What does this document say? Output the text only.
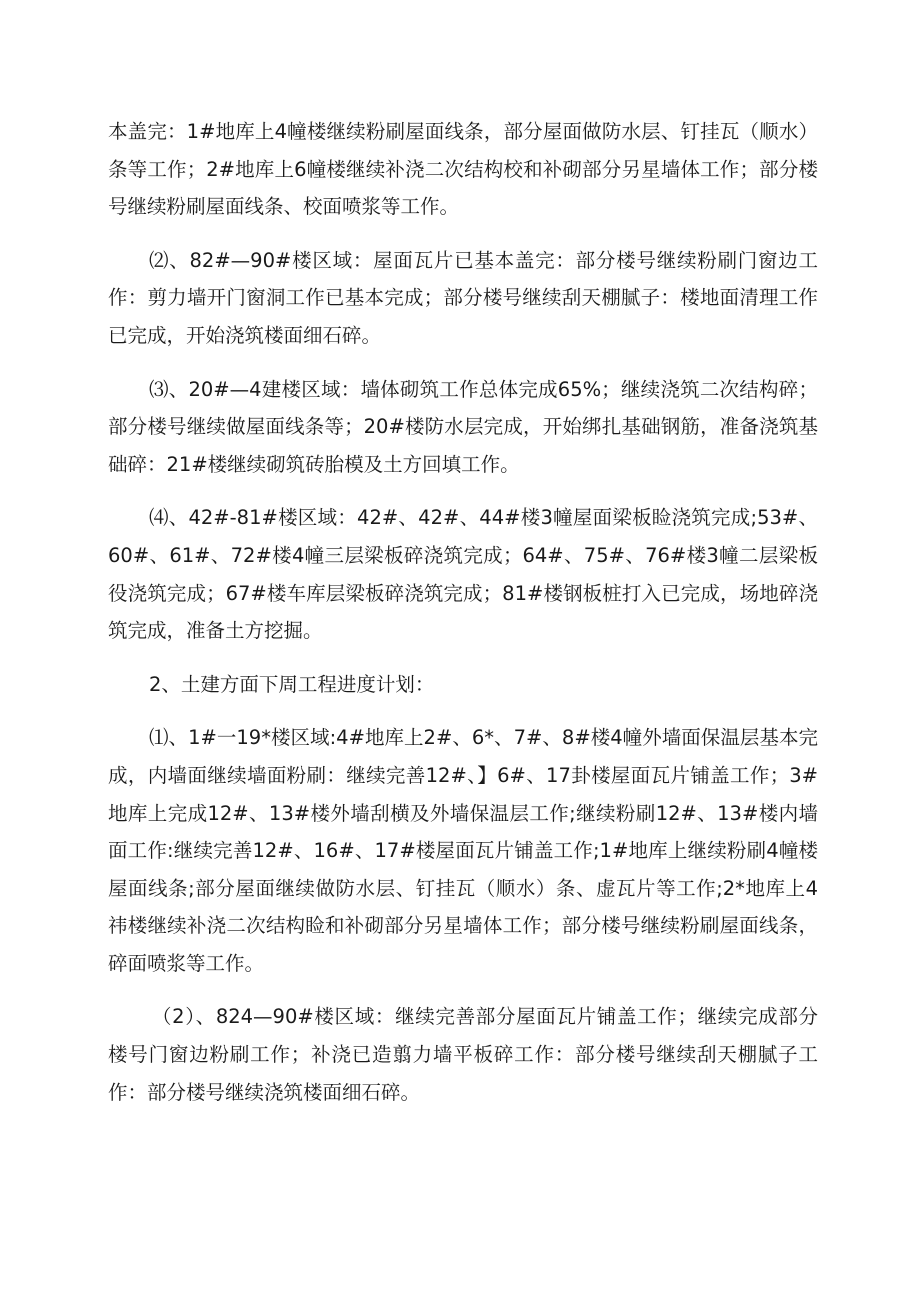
本盖完：1#地库上4幢楼继续粉刷屋面线条，部分屋面做防水层、钉挂瓦（顺水）条等工作；2#地库上6幢楼继续补浇二次结构校和补砌部分另星墙体工作；部分楼号继续粉刷屋面线条、校面喷浆等工作。

⑵、82#—90#楼区域：屋面瓦片已基本盖完：部分楼号继续粉刷门窗边工作：剪力墙开门窗洞工作已基本完成；部分楼号继续刮天棚腻子：楼地面清理工作已完成，开始浇筑楼面细石碎。

⑶、20#—4建楼区域：墙体砌筑工作总体完成65%；继续浇筑二次结构碎；部分楼号继续做屋面线条等；20#楼防水层完成，开始绑扎基础钢筋，准备浇筑基础碎：21#楼继续砌筑砖胎模及土方回填工作。

⑷、42#-81#楼区域：42#、42#、44#楼3幢屋面梁板睑浇筑完成;53#、60#、61#、72#楼4幢三层梁板碎浇筑完成；64#、75#、76#楼3幢二层梁板役浇筑完成；67#楼车库层梁板碎浇筑完成；81#楼钢板桩打入已完成，场地碎浇筑完成，准备土方挖掘。

2、土建方面下周工程进度计划：

⑴、1#一19*楼区域:4#地库上2#、6*、7#、8#楼4幢外墙面保温层基本完成，内墙面继续墙面粉刷：继续完善12#、】6#、17卦楼屋面瓦片铺盖工作；3#地库上完成12#、13#楼外墙刮横及外墙保温层工作;继续粉刷12#、13#楼内墙面工作:继续完善12#、16#、17#楼屋面瓦片铺盖工作;1#地库上继续粉刷4幢楼屋面线条;部分屋面继续做防水层、钉挂瓦（顺水）条、虚瓦片等工作;2*地库上4祎楼继续补浇二次结构睑和补砌部分另星墙体工作；部分楼号继续粉刷屋面线条，碎面喷浆等工作。

（2）、824—90#楼区域：继续完善部分屋面瓦片铺盖工作；继续完成部分楼号门窗边粉刷工作；补浇已造翦力墙平板碎工作：部分楼号继续刮天棚腻子工作：部分楼号继续浇筑楼面细石碎。
